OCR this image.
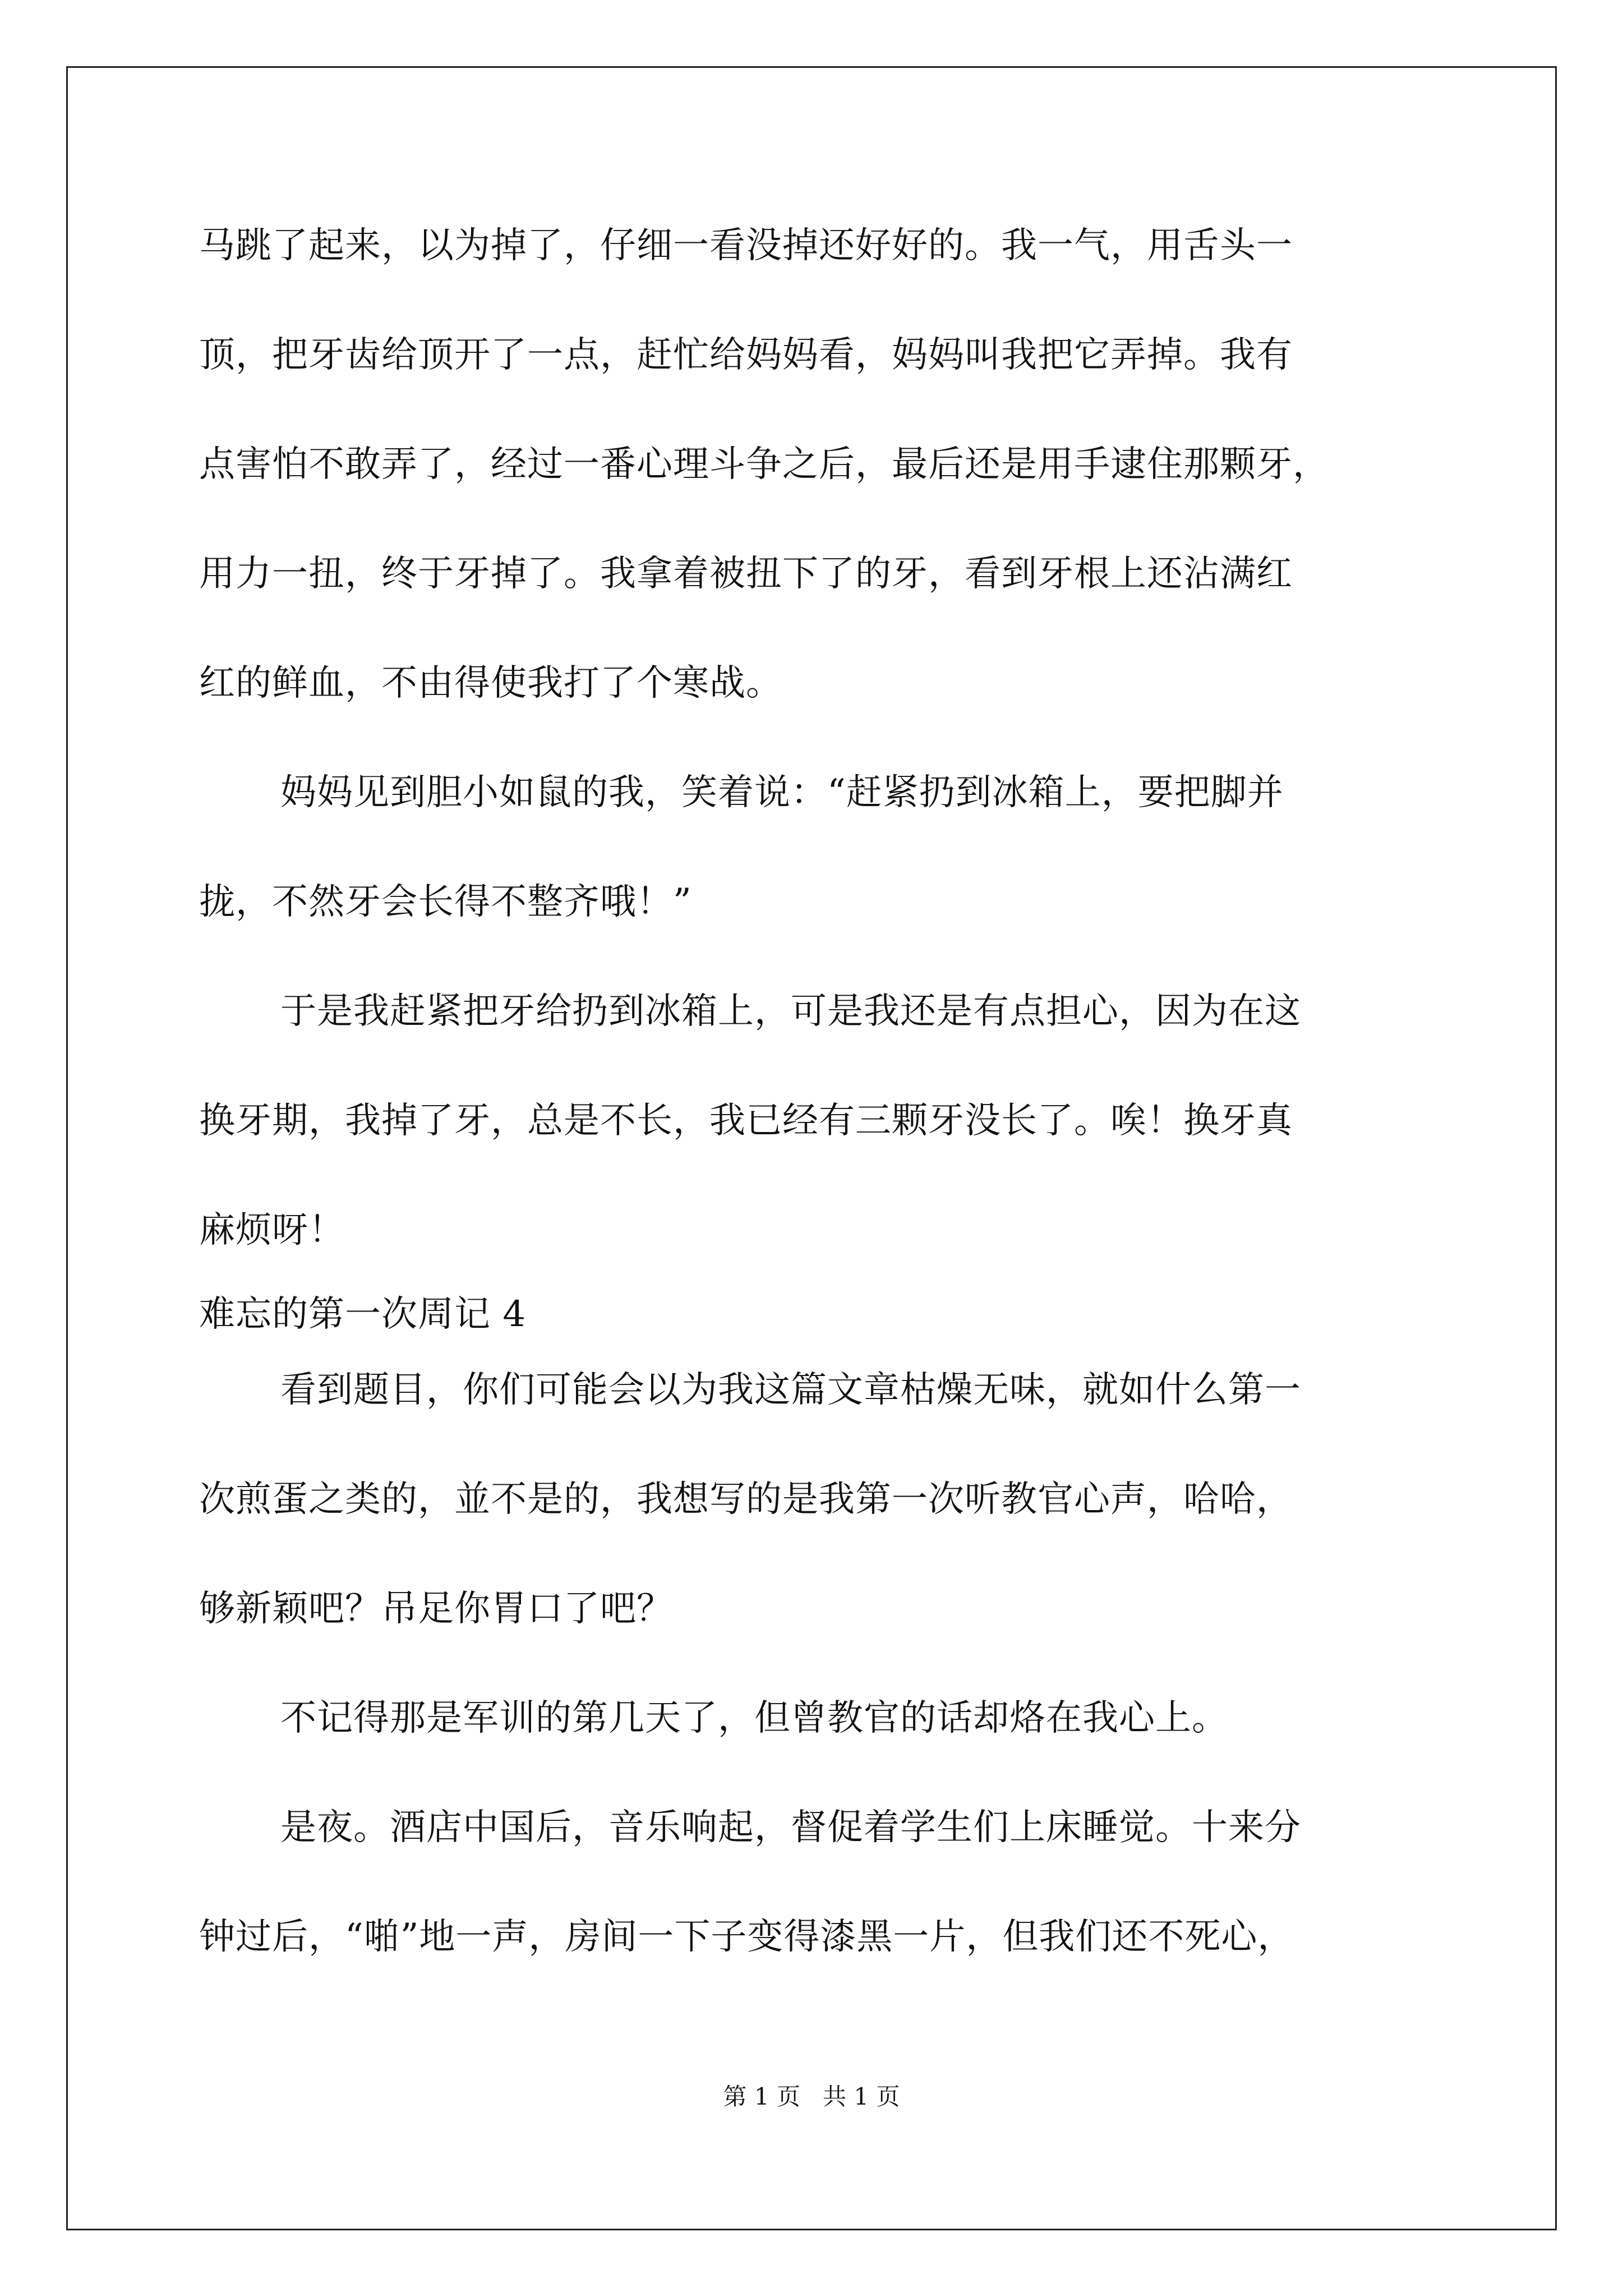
马跳了起来，以为掉了，仔细一看没掉还好好的。我一气，用舌头一
顶，把牙齿给顶开了一点，赶忙给妈妈看，妈妈叫我把它弄掉。我有
点害怕不敢弄了，经过一番心理斗争之后，最后还是用手逮住那颗牙，
用力一扭，终于牙掉了。我拿着被扭下了的牙，看到牙根上还沾满红
红的鲜血，不由得使我打了个寒战。
妈妈见到胆小如鼠的我，笑着说：“赶紧扔到冰箱上，要把脚并
拢，不然牙会长得不整齐哦！”
于是我赶紧把牙给扔到冰箱上，可是我还是有点担心，因为在这
换牙期，我掉了牙，总是不长，我已经有三颗牙没长了。唉！换牙真
麻烦呀！
难忘的第一次周记 4
看到题目，你们可能会以为我这篇文章枯燥无味，就如什么第一
次煎蛋之类的，並不是的，我想写的是我第一次听教官心声，哈哈，
够新颖吧？吊足你胃口了吧？
不记得那是军训的第几天了，但曾教官的话却烙在我心上。
是夜。酒店中国后，音乐响起，督促着学生们上床睡觉。十来分
钟过后，“啪”地一声，房间一下子变得漆黑一片，但我们还不死心，
第 1 页   共 1 页
